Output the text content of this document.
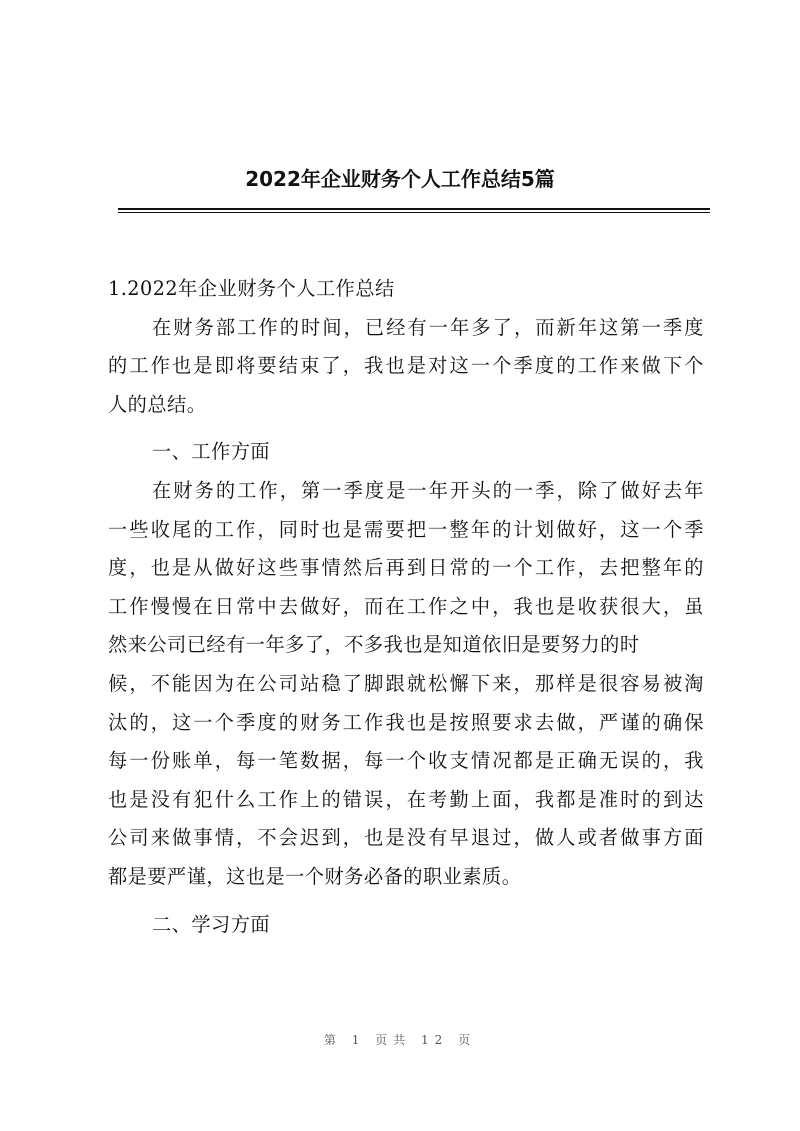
2022年企业财务个人工作总结5篇
1.2022年企业财务个人工作总结
在财务部工作的时间，已经有一年多了，而新年这第一季度
的工作也是即将要结束了，我也是对这一个季度的工作来做下个
人的总结。
一、工作方面
在财务的工作，第一季度是一年开头的一季，除了做好去年
一些收尾的工作，同时也是需要把一整年的计划做好，这一个季
度，也是从做好这些事情然后再到日常的一个工作，去把整年的
工作慢慢在日常中去做好，而在工作之中，我也是收获很大，虽
然来公司已经有一年多了，不多我也是知道依旧是要努力的时
候，不能因为在公司站稳了脚跟就松懈下来，那样是很容易被淘
汰的，这一个季度的财务工作我也是按照要求去做，严谨的确保
每一份账单，每一笔数据，每一个收支情况都是正确无误的，我
也是没有犯什么工作上的错误，在考勤上面，我都是准时的到达
公司来做事情，不会迟到，也是没有早退过，做人或者做事方面
都是要严谨，这也是一个财务必备的职业素质。
二、学习方面
第 1 页共 12 页
